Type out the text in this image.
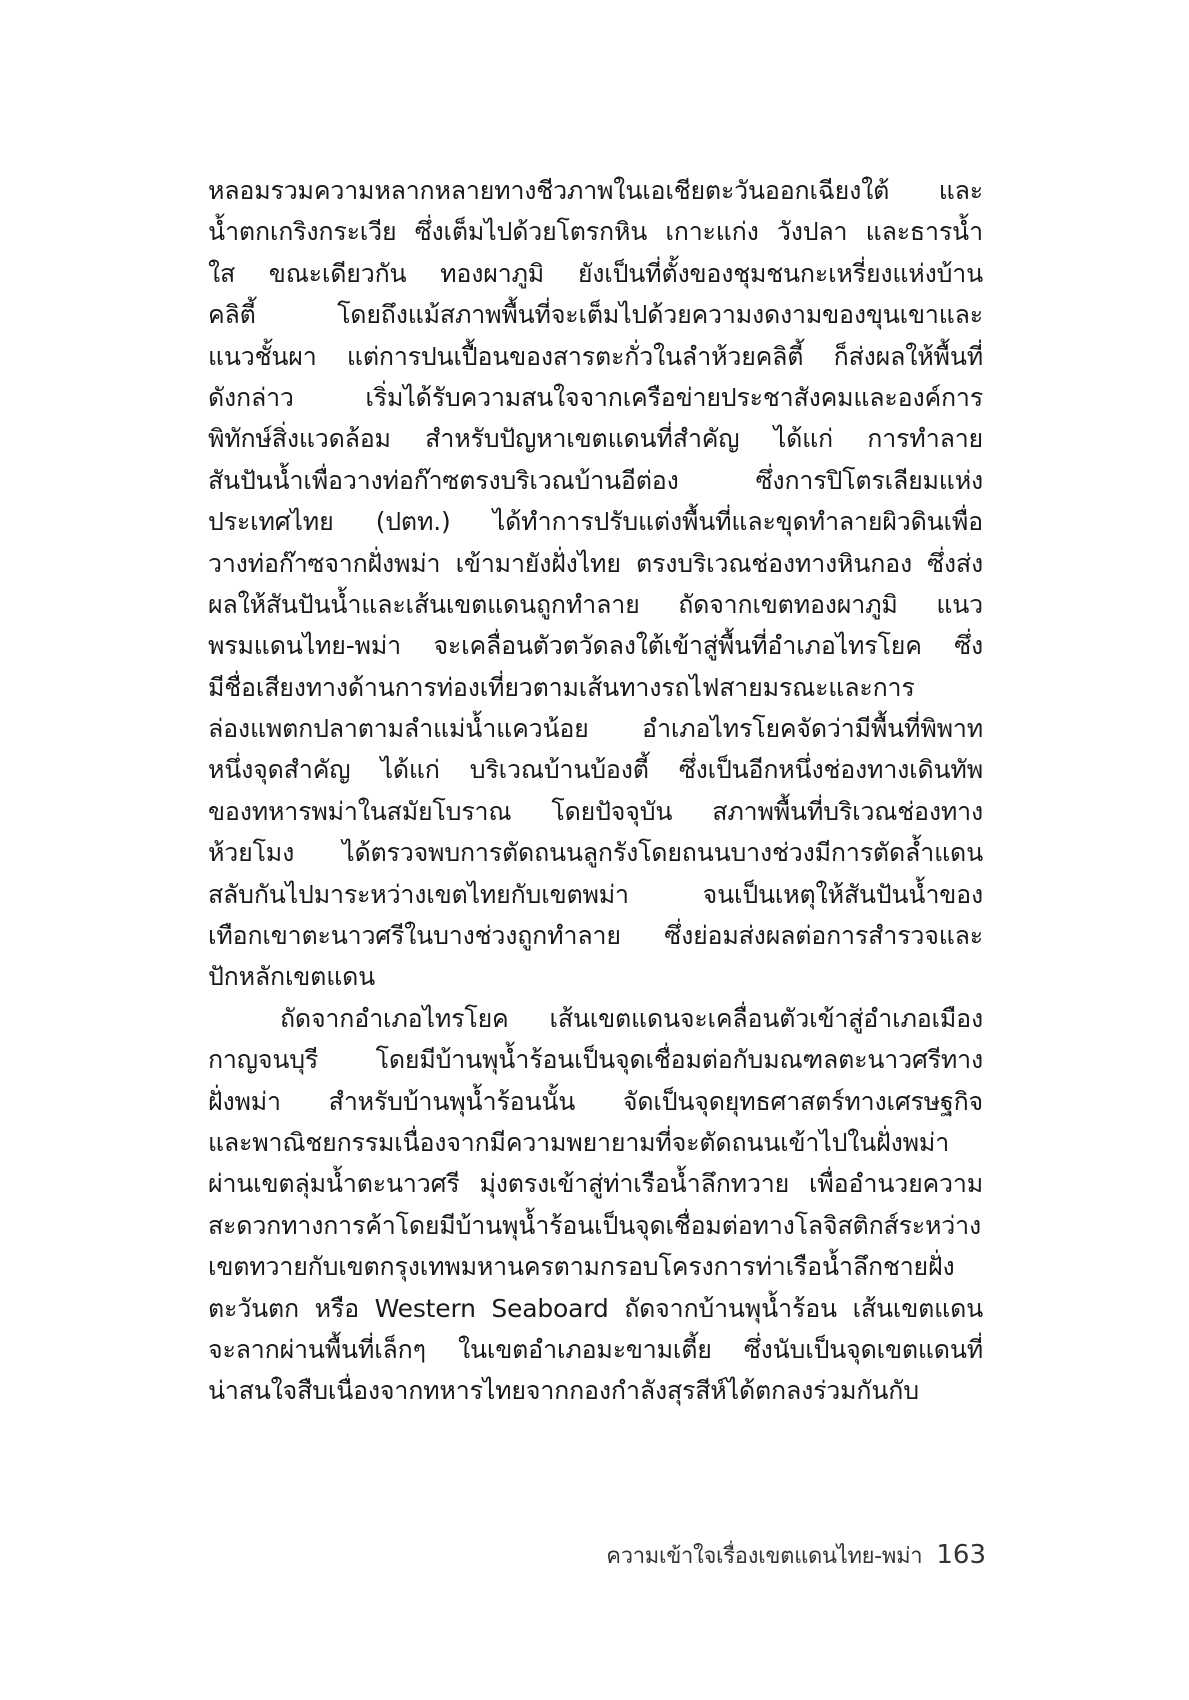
หลอมรวมความหลากหลายทางชีวภาพในเอเชียตะวันออกเฉียงใต้ และ
น้ำตกเกริงกระเวีย ซึ่งเต็มไปด้วยโตรกหิน เกาะแก่ง วังปลา และธารน้ำ
ใส ขณะเดียวกัน ทองผาภูมิ ยังเป็นที่ตั้งของชุมชนกะเหรี่ยงแห่งบ้าน
คลิตี้ โดยถึงแม้สภาพพื้นที่จะเต็มไปด้วยความงดงามของขุนเขาและ
แนวชั้นผา แต่การปนเปื้อนของสารตะกั่วในลำห้วยคลิตี้ ก็ส่งผลให้พื้นที่
ดังกล่าว เริ่มได้รับความสนใจจากเครือข่ายประชาสังคมและองค์การ
พิทักษ์สิ่งแวดล้อม สำหรับปัญหาเขตแดนที่สำคัญ ได้แก่ การทำลาย
สันปันน้ำเพื่อวางท่อก๊าซตรงบริเวณบ้านอีต่อง ซึ่งการปิโตรเลียมแห่ง
ประเทศไทย (ปตท.) ได้ทำการปรับแต่งพื้นที่และขุดทำลายผิวดินเพื่อ
วางท่อก๊าซจากฝั่งพม่า เข้ามายังฝั่งไทย ตรงบริเวณช่องทางหินกอง ซึ่งส่ง
ผลให้สันปันน้ำและเส้นเขตแดนถูกทำลาย ถัดจากเขตทองผาภูมิ แนว
พรมแดนไทย-พม่า จะเคลื่อนตัวตวัดลงใต้เข้าสู่พื้นที่อำเภอไทรโยค ซึ่ง
มีชื่อเสียงทางด้านการท่องเที่ยวตามเส้นทางรถไฟสายมรณะและการ
ล่องแพตกปลาตามลำแม่น้ำแควน้อย อำเภอไทรโยคจัดว่ามีพื้นที่พิพาท
หนึ่งจุดสำคัญ ได้แก่ บริเวณบ้านบ้องตี้ ซึ่งเป็นอีกหนึ่งช่องทางเดินทัพ
ของทหารพม่าในสมัยโบราณ โดยปัจจุบัน สภาพพื้นที่บริเวณช่องทาง
ห้วยโมง ได้ตรวจพบการตัดถนนลูกรังโดยถนนบางช่วงมีการตัดล้ำแดน
สลับกันไปมาระหว่างเขตไทยกับเขตพม่า จนเป็นเหตุให้สันปันน้ำของ
เทือกเขาตะนาวศรีในบางช่วงถูกทำลาย ซึ่งย่อมส่งผลต่อการสำรวจและ
ปักหลักเขตแดน
ถัดจากอำเภอไทรโยค เส้นเขตแดนจะเคลื่อนตัวเข้าสู่อำเภอเมือง
กาญจนบุรี โดยมีบ้านพุน้ำร้อนเป็นจุดเชื่อมต่อกับมณฑลตะนาวศรีทาง
ฝั่งพม่า สำหรับบ้านพุน้ำร้อนนั้น จัดเป็นจุดยุทธศาสตร์ทางเศรษฐกิจ
และพาณิชยกรรมเนื่องจากมีความพยายามที่จะตัดถนนเข้าไปในฝั่งพม่า
ผ่านเขตลุ่มน้ำตะนาวศรี มุ่งตรงเข้าสู่ท่าเรือน้ำลึกทวาย เพื่ออำนวยความ
สะดวกทางการค้าโดยมีบ้านพุน้ำร้อนเป็นจุดเชื่อมต่อทางโลจิสติกส์ระหว่าง
เขตทวายกับเขตกรุงเทพมหานครตามกรอบโครงการท่าเรือน้ำลึกชายฝั่ง
ตะวันตก หรือ Western Seaboard ถัดจากบ้านพุน้ำร้อน เส้นเขตแดน
จะลากผ่านพื้นที่เล็กๆ ในเขตอำเภอมะขามเตี้ย ซึ่งนับเป็นจุดเขตแดนที่
น่าสนใจสืบเนื่องจากทหารไทยจากกองกำลังสุรสีห์ได้ตกลงร่วมกันกับ
ความเข้าใจเรื่องเขตแดนไทย-พม่า 163
